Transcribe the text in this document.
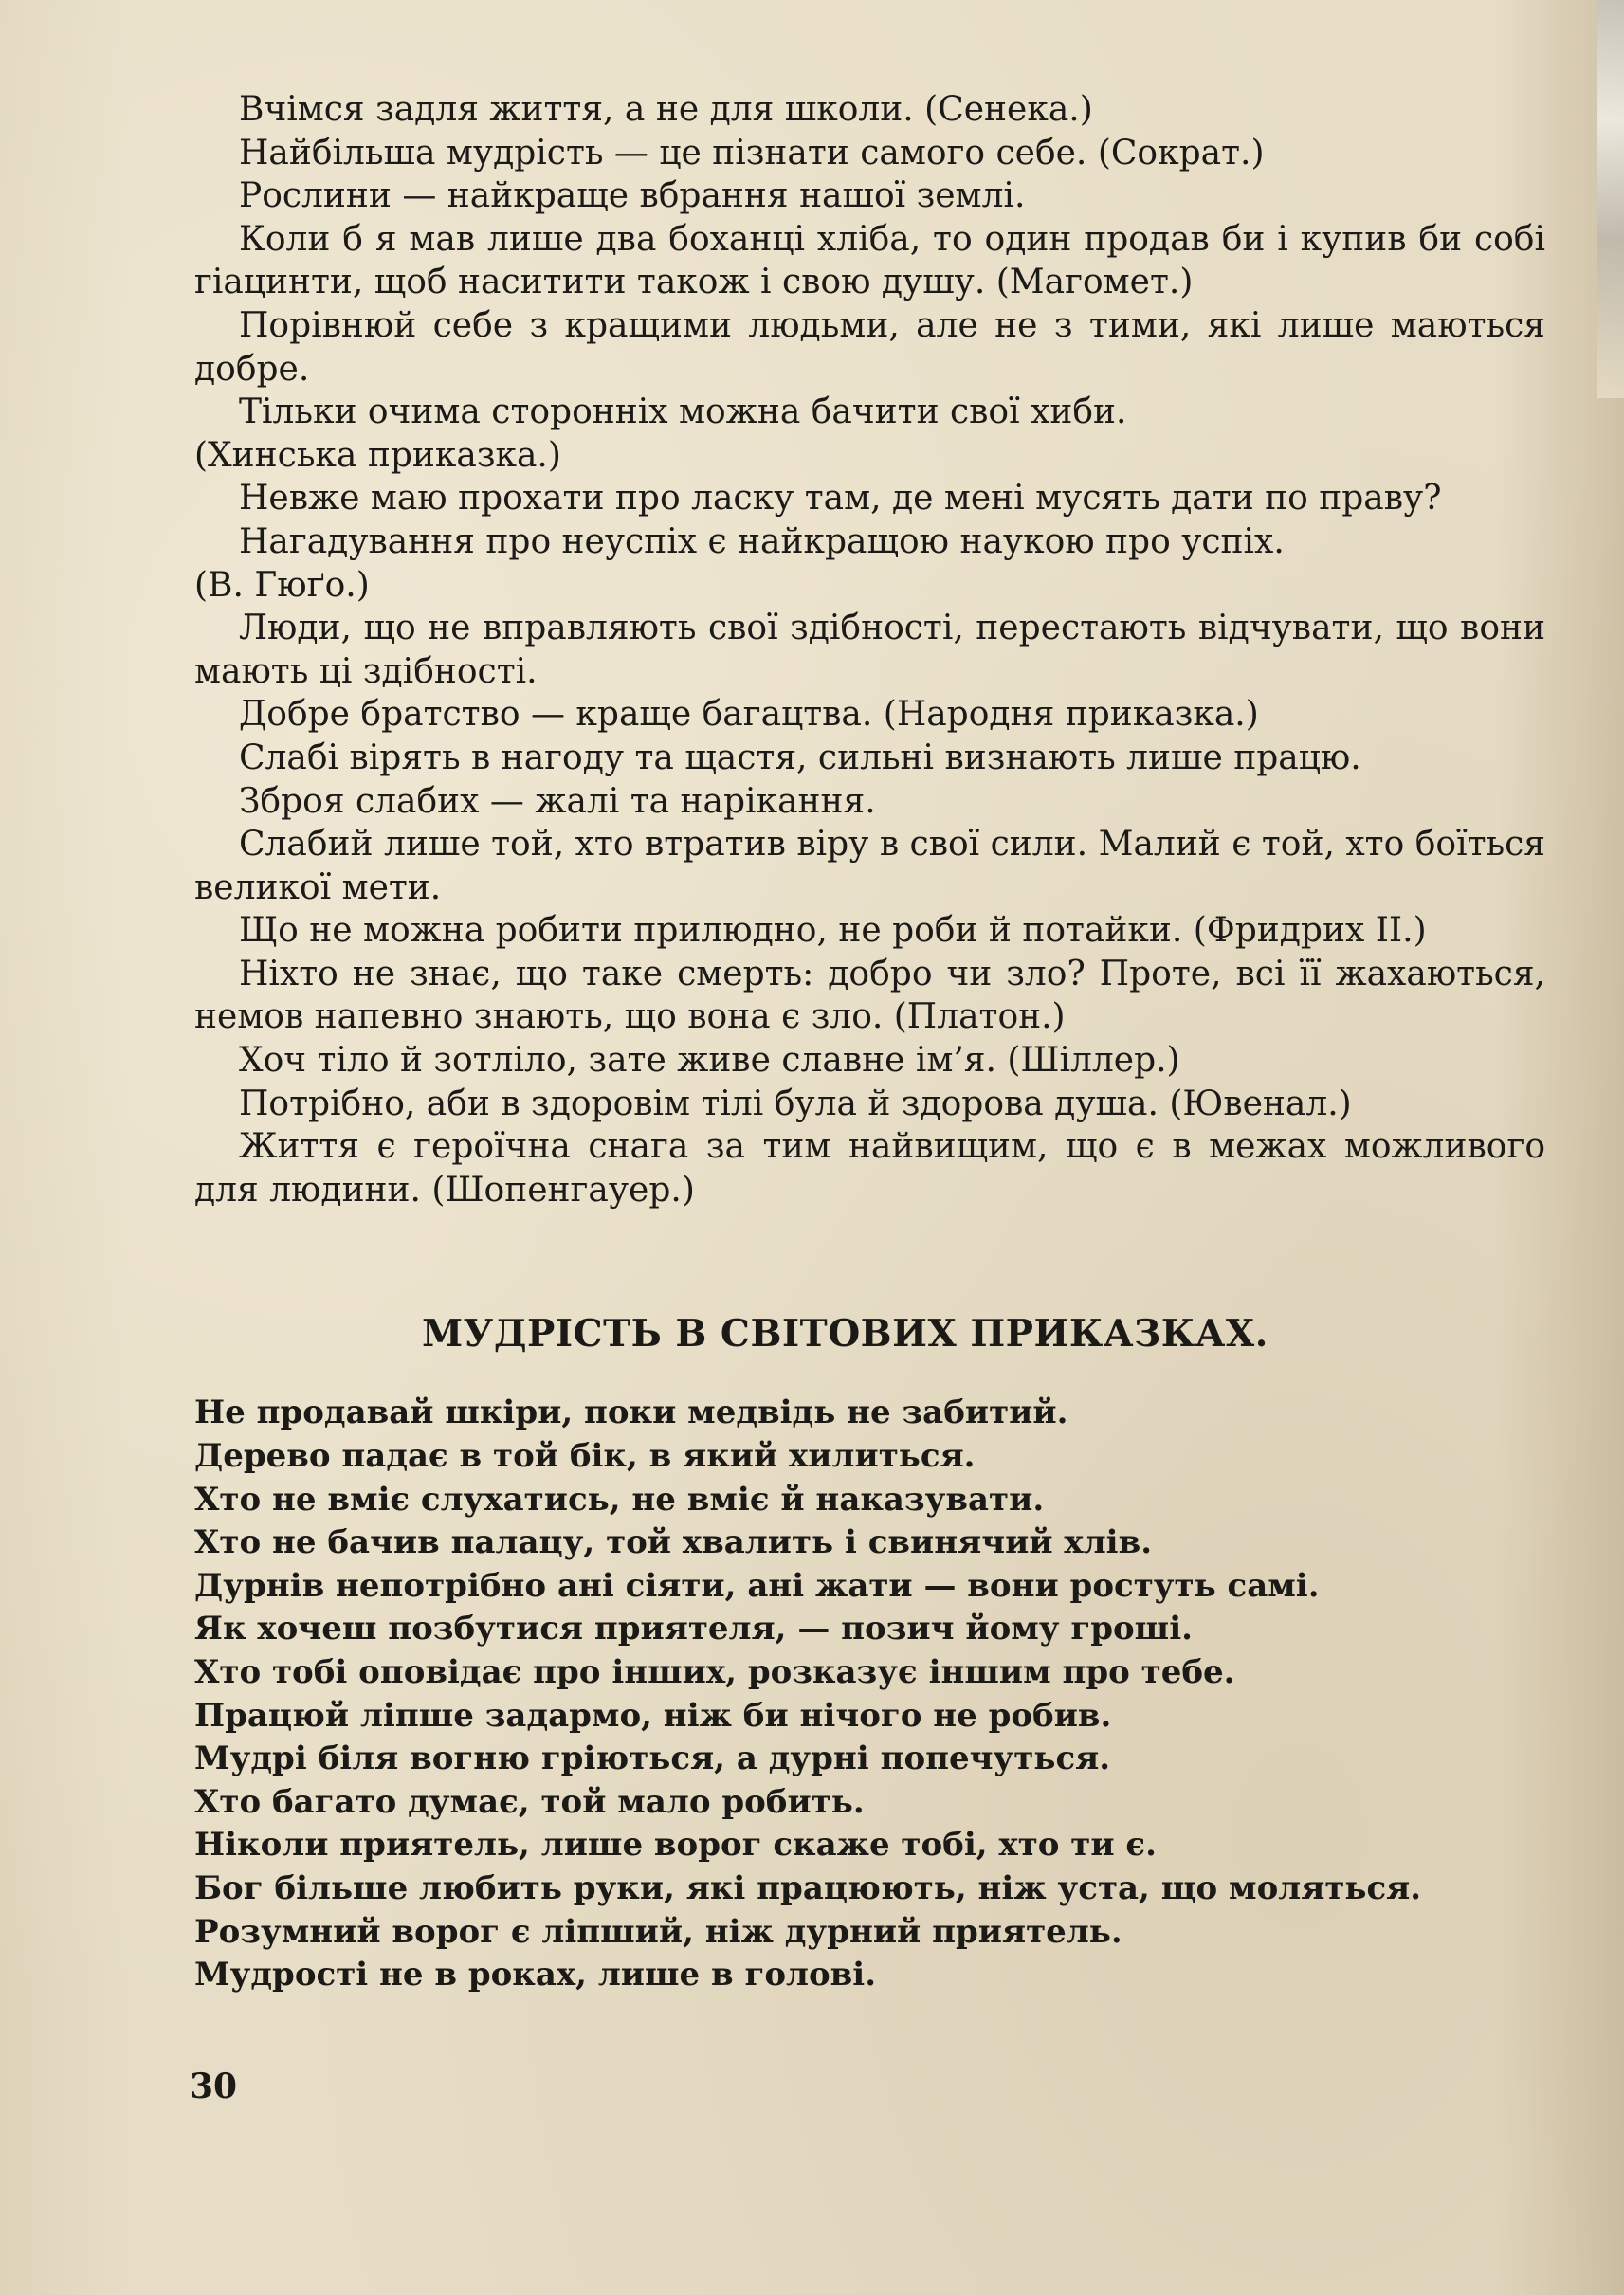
Вчімся задля життя, а не для школи. (Сенека.)

Найбільша мудрість — це пізнати самого себе. (Сократ.)

Рослини — найкраще вбрання нашої землі.

Коли б я мав лише два боханці хліба, то один продав би і купив би собі гіацинти, щоб наситити також і свою душу. (Магомет.)

Порівнюй себе з кращими людьми, але не з тими, які лише маються добре.

Тільки очима сторонніх можна бачити свої хиби.
(Хинська приказка.)

Невже маю прохати про ласку там, де мені мусять дати по праву?

Нагадування про неуспіх є найкращою наукою про успіх.
(В. Гюґо.)

Люди, що не вправляють свої здібності, перестають відчувати, що вони мають ці здібності.

Добре братство — краще багацтва. (Народня приказка.)

Слабі вірять в нагоду та щастя, сильні визнають лише працю.

Зброя слабих — жалі та нарікання.

Слабий лише той, хто втратив віру в свої сили. Малий є той, хто боїться великої мети.

Що не можна робити прилюдно, не роби й потайки. (Фридрих II.)

Ніхто не знає, що таке смерть: добро чи зло? Проте, всі її жахаються, немов напевно знають, що вона є зло. (Платон.)

Хоч тіло й зотліло, зате живе славне ім’я. (Шіллер.)

Потрібно, аби в здоровім тілі була й здорова душа. (Ювенал.)

Життя є героїчна снага за тим найвищим, що є в межах можливого для людини. (Шопенгауер.)

МУДРІСТЬ В СВІТОВИХ ПРИКАЗКАХ.
Не продавай шкіри, поки медвідь не забитий.
Дерево падає в той бік, в який хилиться.
Хто не вміє слухатись, не вміє й наказувати.
Хто не бачив палацу, той хвалить і свинячий хлів.
Дурнів непотрібно ані сіяти, ані жати — вони ростуть самі.
Як хочеш позбутися приятеля, — позич йому гроші.
Хто тобі оповідає про інших, розказує іншим про тебе.
Працюй ліпше задармо, ніж би нічого не робив.
Мудрі біля вогню гріються, а дурні попечуться.
Хто багато думає, той мало робить.
Ніколи приятель, лише ворог скаже тобі, хто ти є.
Бог більше любить руки, які працюють, ніж уста, що моляться.
Розумний ворог є ліпший, ніж дурний приятель.
Мудрості не в роках, лише в голові.
30
